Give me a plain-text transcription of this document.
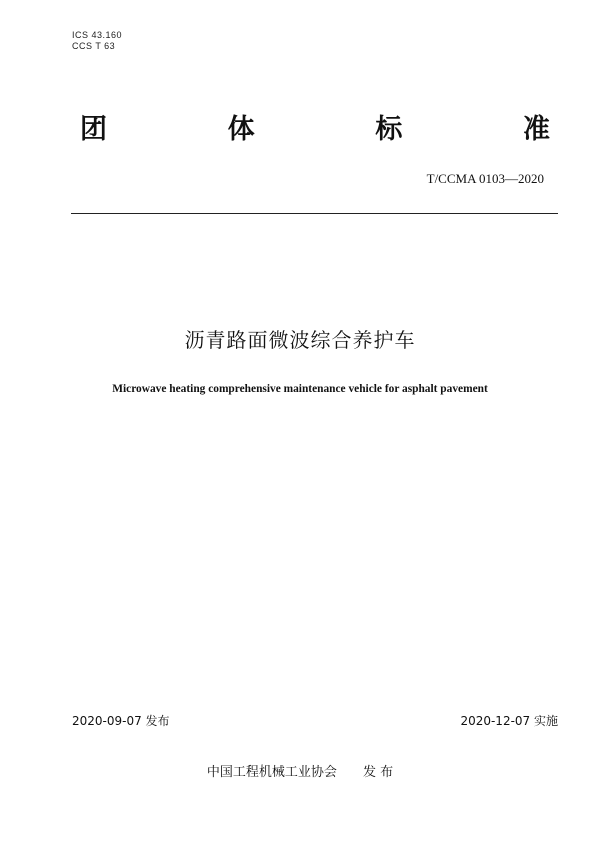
ICS 43.160
CCS T 63
团	体	标	准
T/CCMA 0103—2020
沥青路面微波综合养护车
Microwave heating comprehensive maintenance vehicle for asphalt pavement
2020-09-07 发布	2020-12-07 实施
中国工程机械工业协会 发 布
